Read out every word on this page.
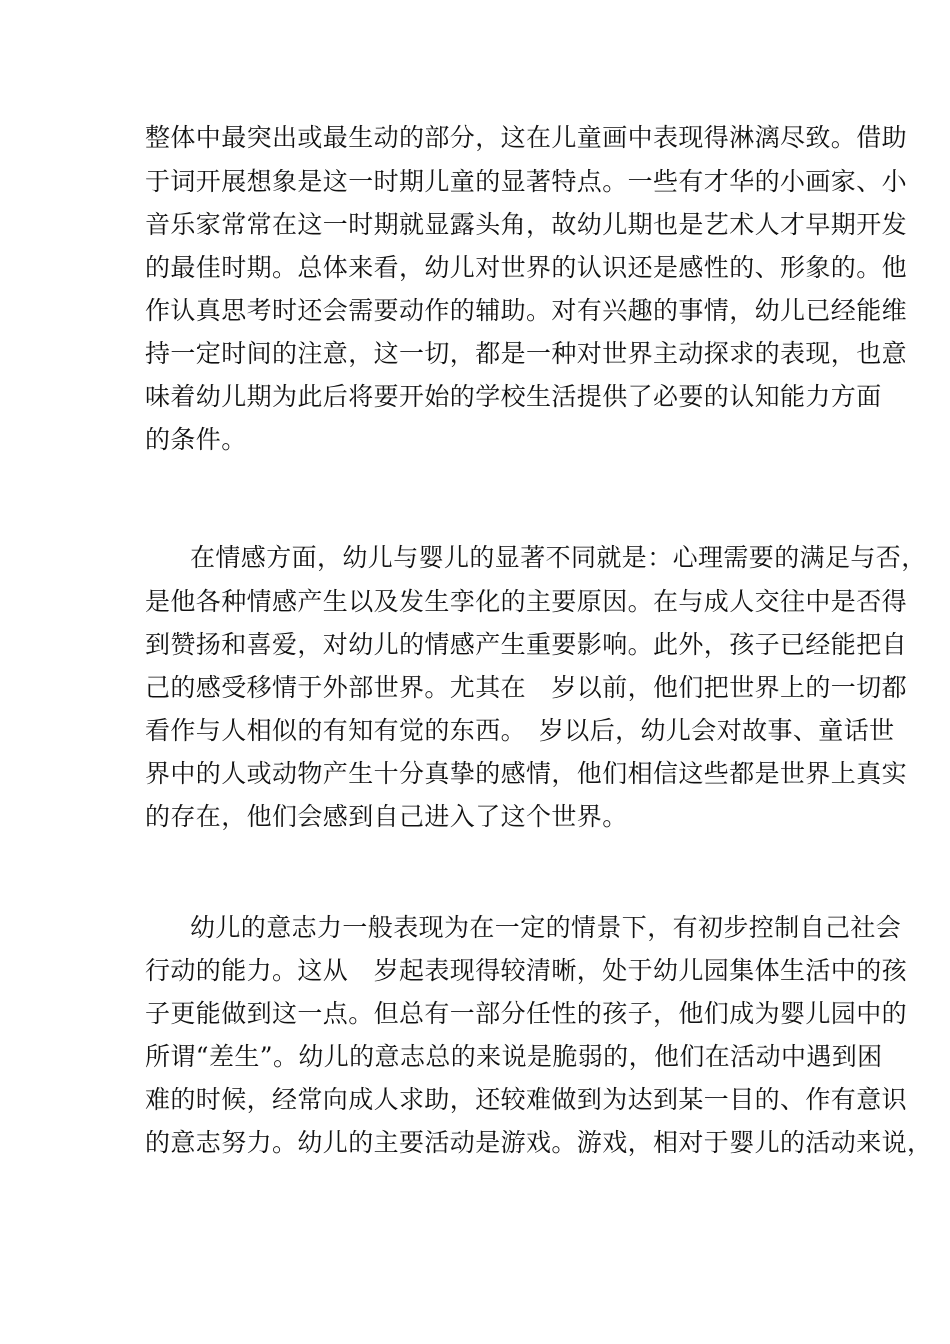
整体中最突出或最生动的部分，这在儿童画中表现得淋漓尽致。借助
于词开展想象是这一时期儿童的显著特点。一些有才华的小画家、小
音乐家常常在这一时期就显露头角，故幼儿期也是艺术人才早期开发
的最佳时期。总体来看，幼儿对世界的认识还是感性的、形象的。他
作认真思考时还会需要动作的辅助。对有兴趣的事情，幼儿已经能维
持一定时间的注意，这一切，都是一种对世界主动探求的表现，也意
味着幼儿期为此后将要开始的学校生活提供了必要的认知能力方面
的条件。
在情感方面，幼儿与婴儿的显著不同就是：心理需要的满足与否，
是他各种情感产生以及发生孪化的主要原因。在与成人交往中是否得
到赞扬和喜爱，对幼儿的情感产生重要影响。此外，孩子已经能把自
己的感受移情于外部世界。尤其在　岁以前，他们把世界上的一切都
看作与人相似的有知有觉的东西。　岁以后，幼儿会对故事、童话世
界中的人或动物产生十分真挚的感情，他们相信这些都是世界上真实
的存在，他们会感到自己进入了这个世界。
幼儿的意志力一般表现为在一定的情景下，有初步控制自己社会
行动的能力。这从　岁起表现得较清晰，处于幼儿园集体生活中的孩
子更能做到这一点。但总有一部分任性的孩子，他们成为婴儿园中的
所谓“差生”。幼儿的意志总的来说是脆弱的，他们在活动中遇到困
难的时候，经常向成人求助，还较难做到为达到某一目的、作有意识
的意志努力。幼儿的主要活动是游戏。游戏，相对于婴儿的活动来说，
